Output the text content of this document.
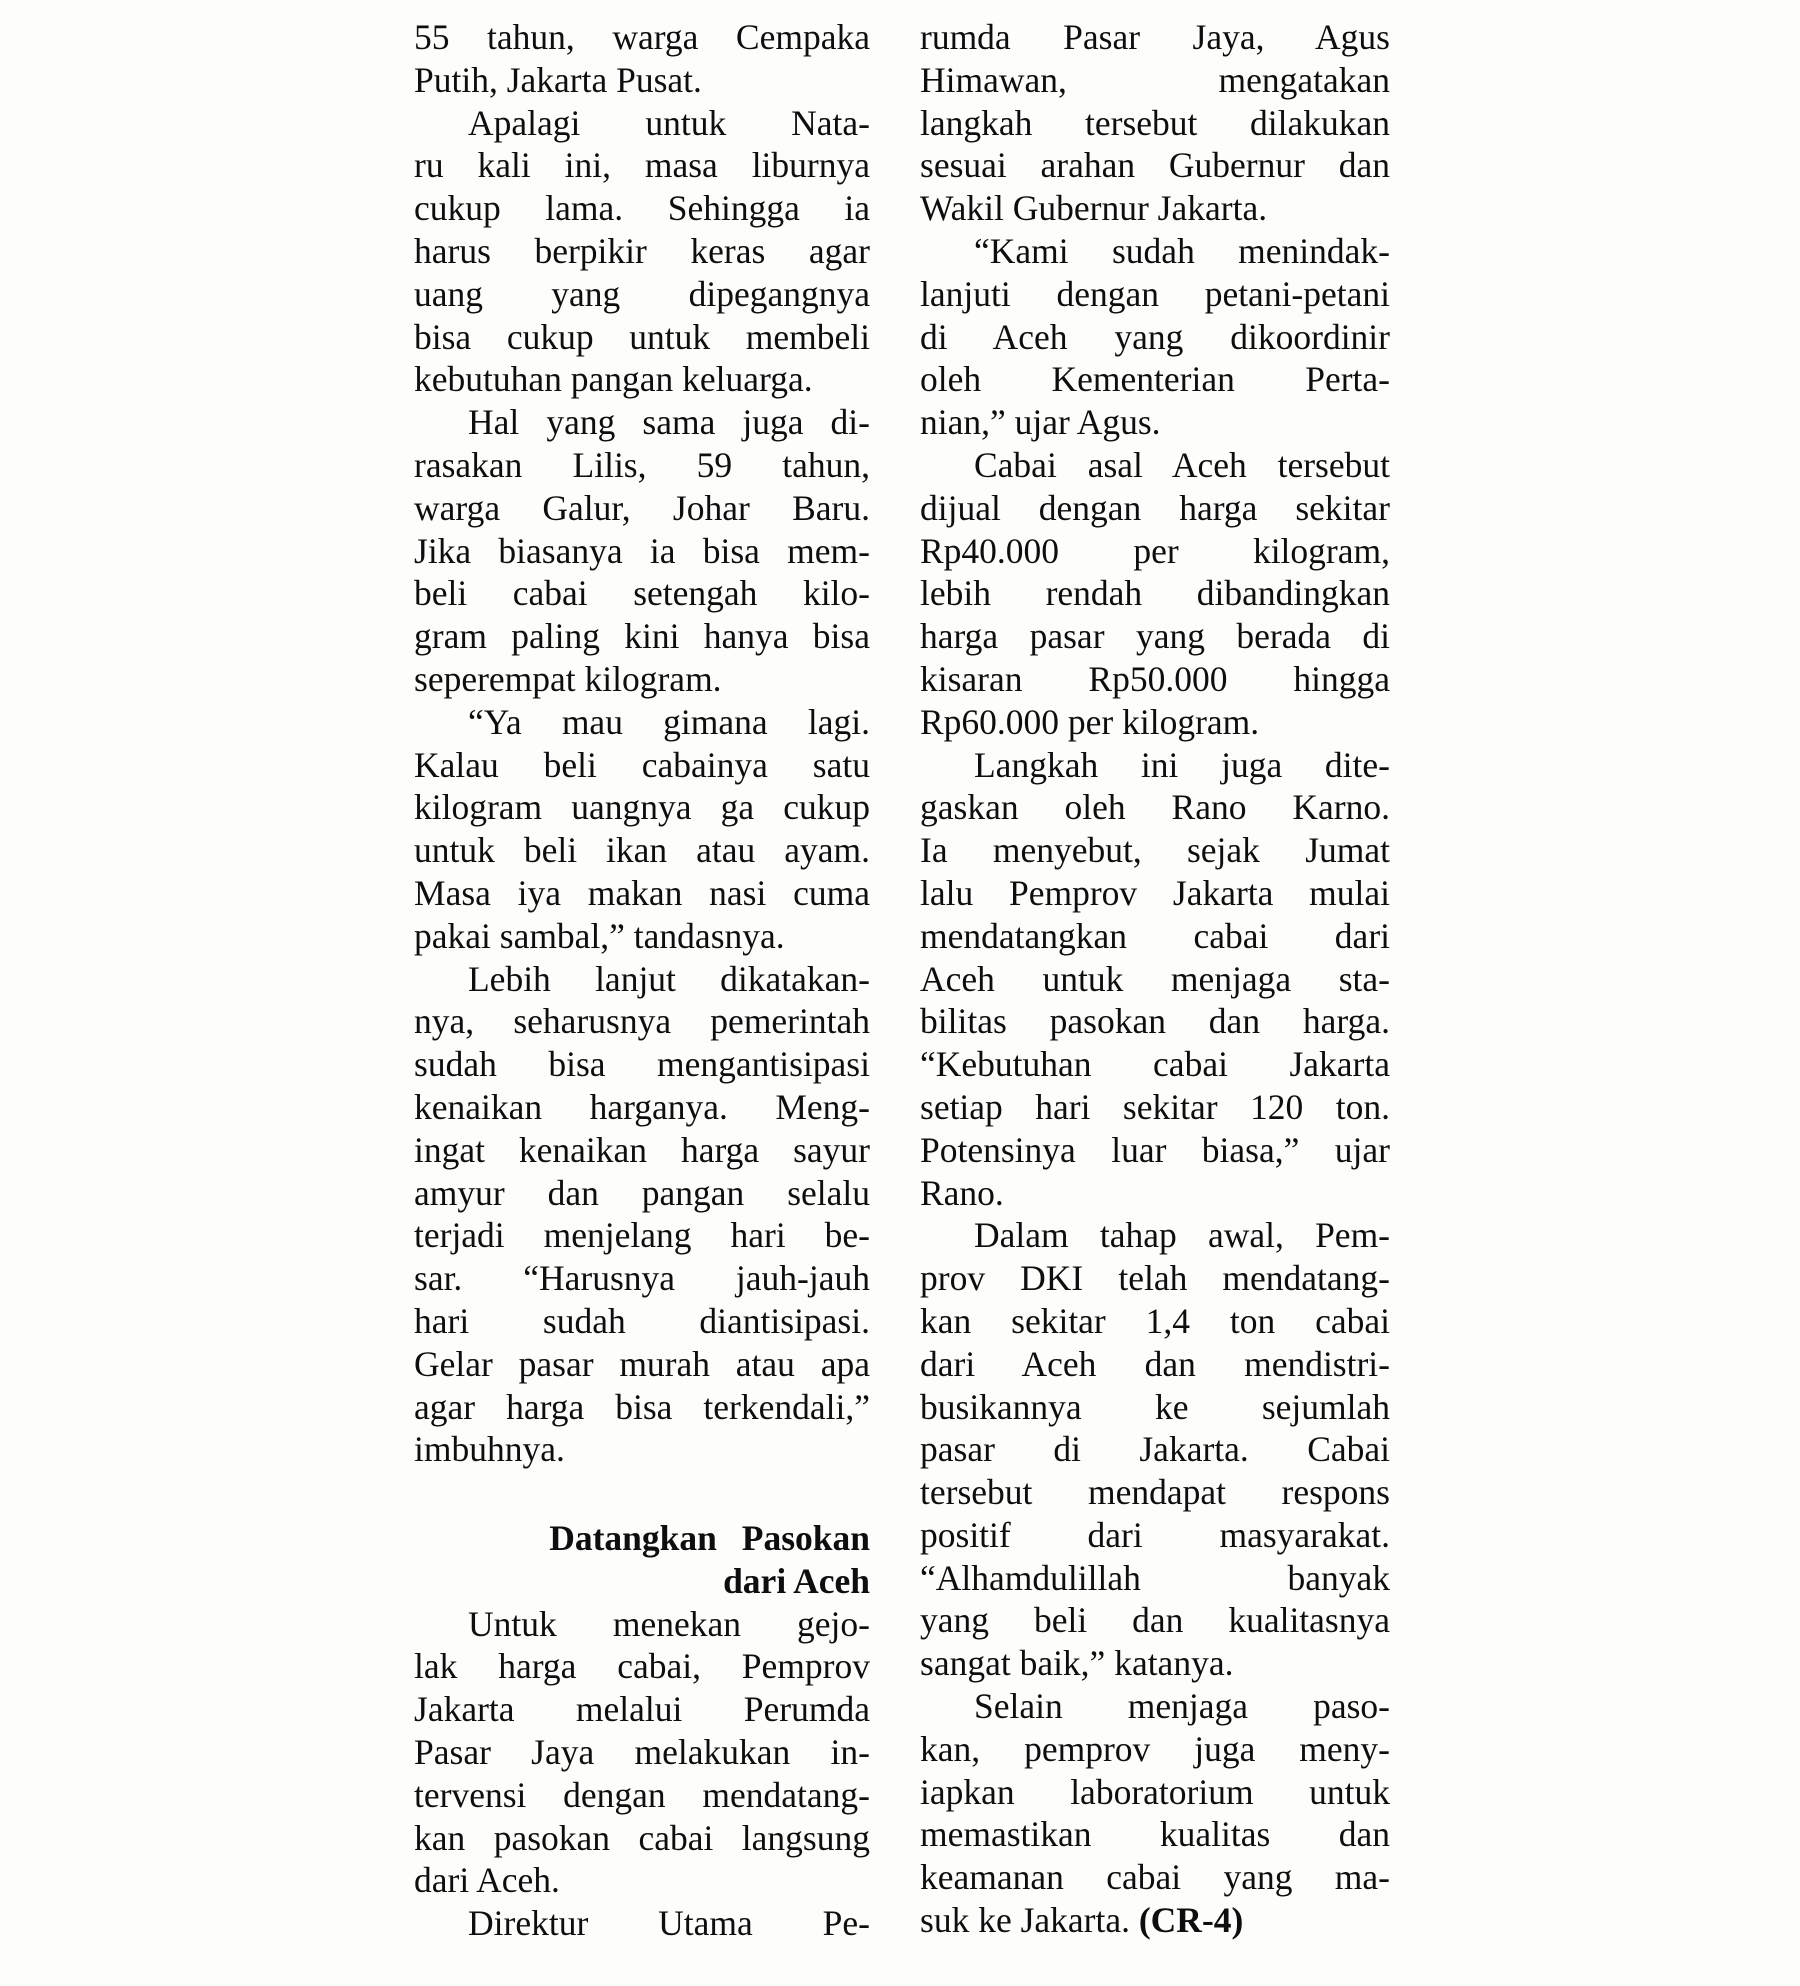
55 tahun, warga Cempaka
Putih, Jakarta Pusat.
Apalagi untuk Nata-
ru kali ini, masa liburnya
cukup lama. Sehingga ia
harus berpikir keras agar
uang yang dipegangnya
bisa cukup untuk membeli
kebutuhan pangan keluarga.
Hal yang sama juga di-
rasakan Lilis, 59 tahun,
warga Galur, Johar Baru.
Jika biasanya ia bisa mem-
beli cabai setengah kilo-
gram paling kini hanya bisa
seperempat kilogram.
“Ya mau gimana lagi.
Kalau beli cabainya satu
kilogram uangnya ga cukup
untuk beli ikan atau ayam.
Masa iya makan nasi cuma
pakai sambal,” tandasnya.
Lebih lanjut dikatakan-
nya, seharusnya pemerintah
sudah bisa mengantisipasi
kenaikan harganya. Meng-
ingat kenaikan harga sayur
amyur dan pangan selalu
terjadi menjelang hari be-
sar. “Harusnya jauh-jauh
hari sudah diantisipasi.
Gelar pasar murah atau apa
agar harga bisa terkendali,”
imbuhnya.
Datangkan Pasokan
dari Aceh
Untuk menekan gejo-
lak harga cabai, Pemprov
Jakarta melalui Perumda
Pasar Jaya melakukan in-
tervensi dengan mendatang-
kan pasokan cabai langsung
dari Aceh.
Direktur Utama Pe-
rumda Pasar Jaya, Agus
Himawan, mengatakan
langkah tersebut dilakukan
sesuai arahan Gubernur dan
Wakil Gubernur Jakarta.
“Kami sudah menindak-
lanjuti dengan petani-petani
di Aceh yang dikoordinir
oleh Kementerian Perta-
nian,” ujar Agus.
Cabai asal Aceh tersebut
dijual dengan harga sekitar
Rp40.000 per kilogram,
lebih rendah dibandingkan
harga pasar yang berada di
kisaran Rp50.000 hingga
Rp60.000 per kilogram.
Langkah ini juga dite-
gaskan oleh Rano Karno.
Ia menyebut, sejak Jumat
lalu Pemprov Jakarta mulai
mendatangkan cabai dari
Aceh untuk menjaga sta-
bilitas pasokan dan harga.
“Kebutuhan cabai Jakarta
setiap hari sekitar 120 ton.
Potensinya luar biasa,” ujar
Rano.
Dalam tahap awal, Pem-
prov DKI telah mendatang-
kan sekitar 1,4 ton cabai
dari Aceh dan mendistri-
busikannya ke sejumlah
pasar di Jakarta. Cabai
tersebut mendapat respons
positif dari masyarakat.
“Alhamdulillah banyak
yang beli dan kualitasnya
sangat baik,” katanya.
Selain menjaga paso-
kan, pemprov juga meny-
iapkan laboratorium untuk
memastikan kualitas dan
keamanan cabai yang ma-
suk ke Jakarta. (CR-4)
